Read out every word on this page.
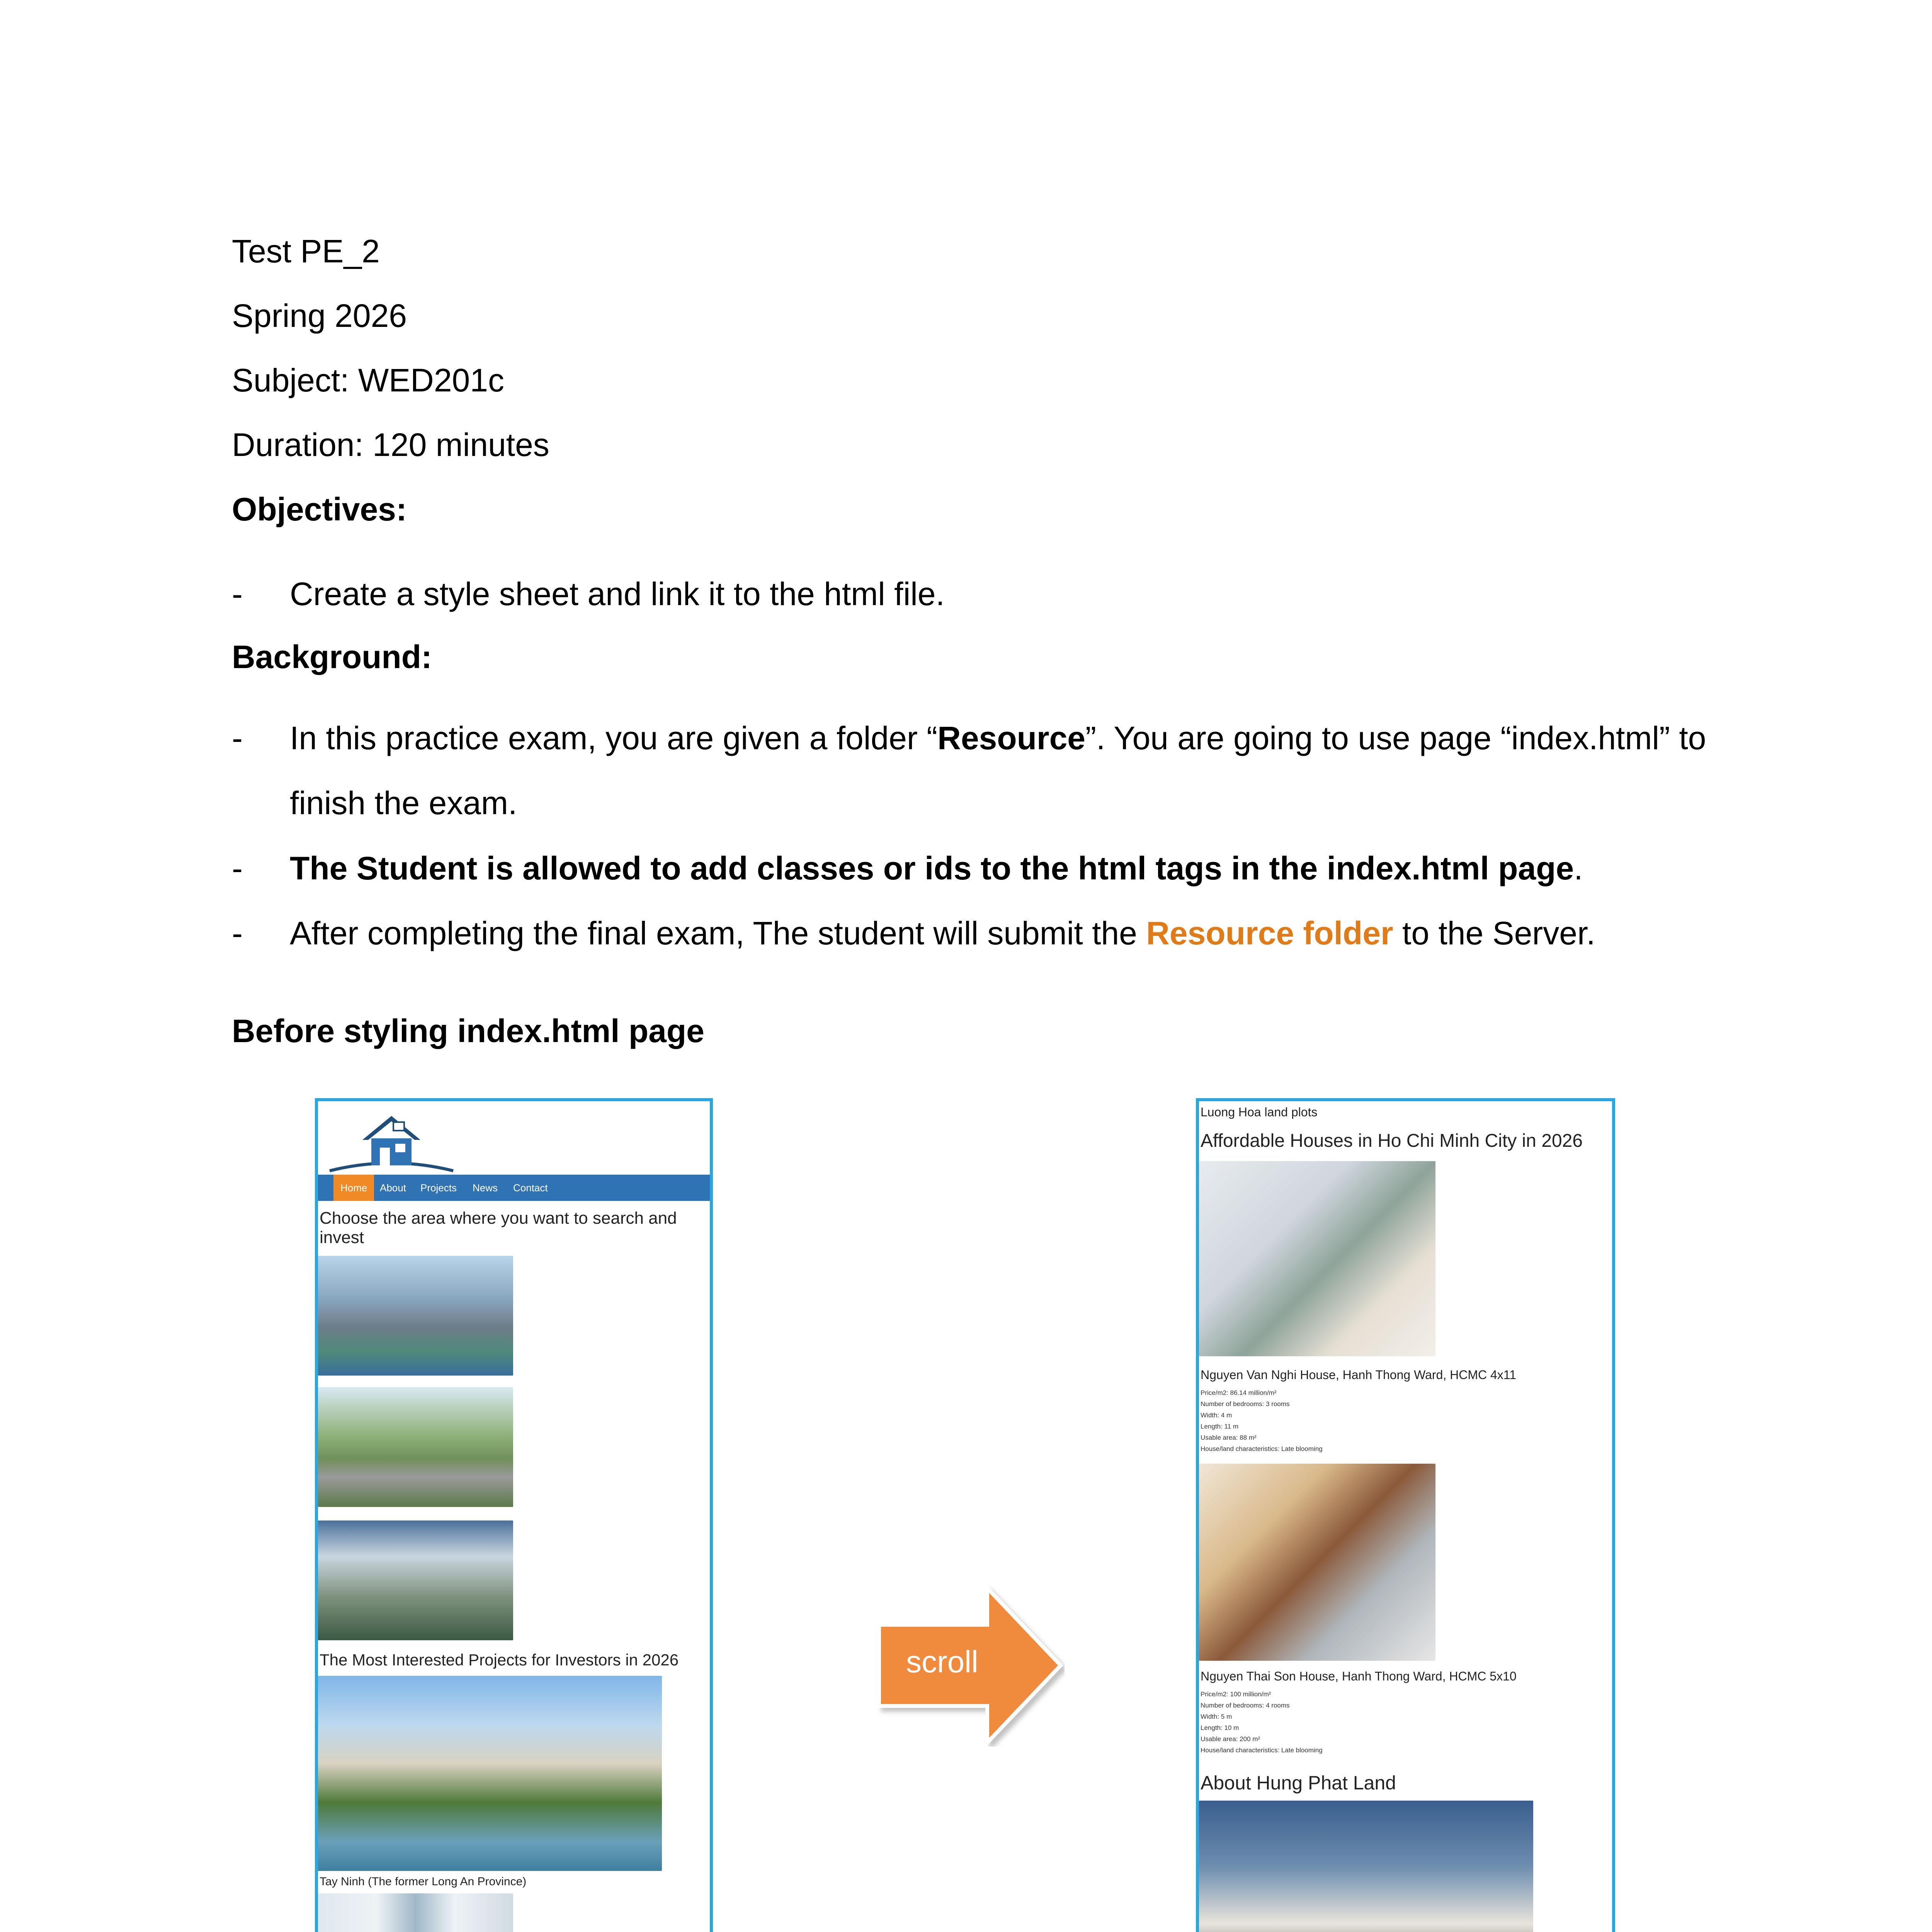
Test PE_2
Spring 2026
Subject: WED201c
Duration: 120 minutes
Objectives:
- Create a style sheet and link it to the html file.
Background:
- In this practice exam, you are given a folder “Resource”. You are going to use page “index.html” to
finish the exam.
- The Student is allowed to add classes or ids to the html tags in the index.html page.
- After completing the final exam, The student will submit the Resource folder to the Server.
Before styling index.html page
Home	About Projects News Contact
Choose the area where you want to search and invest
The Most Interested Projects for Investors in 2026
Tay Ninh (The former Long An Province)
scroll
Luong Hoa land plots
Affordable Houses in Ho Chi Minh City in 2026
Nguyen Van Nghi House, Hanh Thong Ward, HCMC 4x11
Price/m2: 86.14 million/m²
Number of bedrooms: 3 rooms
Width: 4 m
Length: 11 m
Usable area: 88 m²
House/land characteristics: Late blooming
Nguyen Thai Son House, Hanh Thong Ward, HCMC 5x10
Price/m2: 100 million/m²
Number of bedrooms: 4 rooms
Width: 5 m
Length: 10 m
Usable area: 200 m²
House/land characteristics: Late blooming
About Hung Phat Land
